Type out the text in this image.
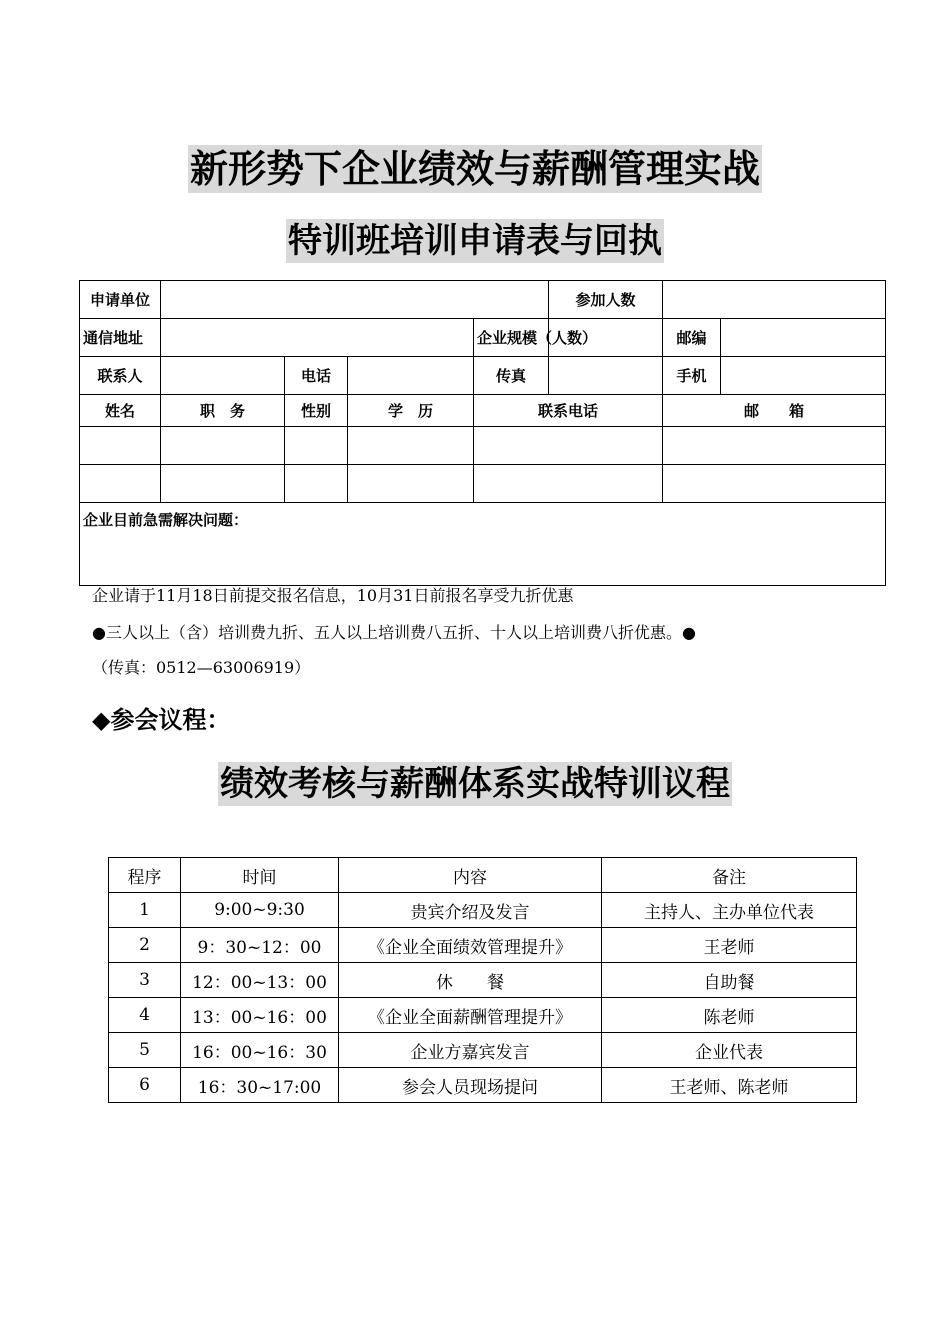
新形势下企业绩效与薪酬管理实战
特训班培训申请表与回执
申请单位					参加人数		
通信地址				企业规模（人数）		邮编	
联系人		电话		传真		手机	
姓名	职　务	性别	学　历	联系电话		邮　　箱	

企业目前急需解决问题：							
企业请于11月18日前提交报名信息，10月31日前报名享受九折优惠
●三人以上（含）培训费九折、五人以上培训费八五折、十人以上培训费八折优惠。●
（传真：0512—63006919）
◆参会议程：
绩效考核与薪酬体系实战特训议程
程序	时间	内容	备注
1	9:00~9:30	贵宾介绍及发言	主持人、主办单位代表
2	9：30~12：00	《企业全面绩效管理提升》	王老师
3	12：00~13：00	休　　餐	自助餐
4	13：00~16：00	《企业全面薪酬管理提升》	陈老师
5	16：00~16：30	企业方嘉宾发言	企业代表
6	16：30~17:00	参会人员现场提问	王老师、陈老师
